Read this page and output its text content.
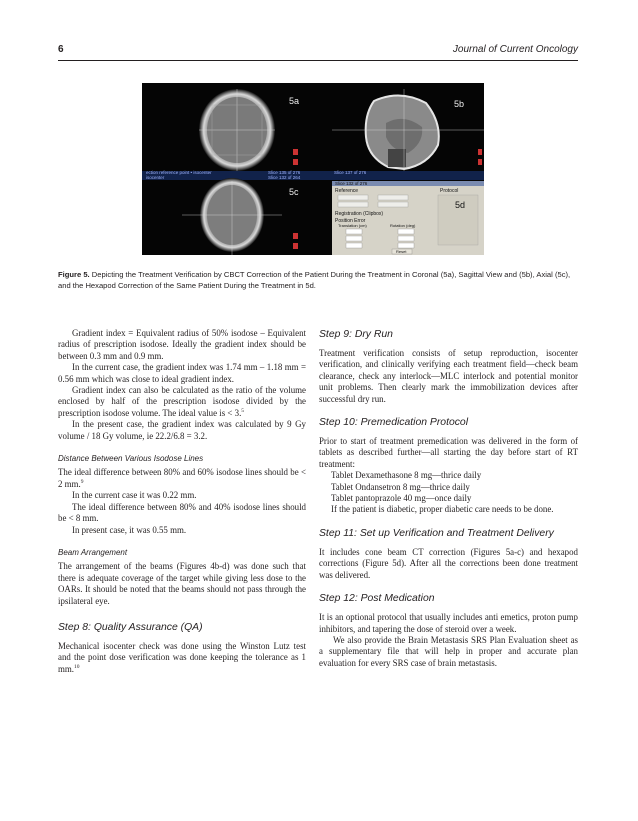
6	Journal of Current Oncology
ection reference point • isocenter	Slice 135 of 276	Slice 137 of 276
isocenter	Slice 132 of 264
5a	5b
5c
Slice 132 of 276
Reference	Protocol
Registration (Clipbox)
Position Error
Translation (cm)	Rotation (deg)
Reset
5d
Figure 5. Depicting the Treatment Verification by CBCT Correction of the Patient During the Treatment in Coronal (5a), Sagittal View and (5b), Axial (5c), and the Hexapod Correction of the Same Patient During the Treatment in 5d.

Gradient index = Equivalent radius of 50% isodose – Equivalent radius of prescription isodose. Ideally the gradient index should be between 0.3 mm and 0.9 mm.

In the current case, the gradient index was 1.74 mm – 1.18 mm = 0.56 mm which was close to ideal gradient index.

Gradient index can also be calculated as the ratio of the volume enclosed by half of the prescription isodose divided by the prescription isodose volume. The ideal value is < 3.$^5$

In the present case, the gradient index was calculated by 9 Gy volume / 18 Gy volume, ie 22.2/6.8 = 3.2.

Distance Between Various Isodose Lines

The ideal difference between 80% and 60% isodose lines should be < 2 mm.$^9$

In the current case it was 0.22 mm.

The ideal difference between 80% and 40% isodose lines should be < 8 mm.

In present case, it was 0.55 mm.

Beam Arrangement

The arrangement of the beams (Figures 4b-d) was done such that there is adequate coverage of the target while giving less dose to the OARs. It should be noted that the beams should not pass through the ipsilateral eye.

Step 8: Quality Assurance (QA)

Mechanical isocenter check was done using the Winston Lutz test and the point dose verification was done keeping the tolerance as 1 mm.$^{10}$

Step 9: Dry Run

Treatment verification consists of setup reproduction, isocenter verification, and clinically verifying each treatment field—check beam clearance, check any interlock—MLC interlock and potential monitor unit problems. Then clearly mark the immobilization devices after successful dry run.

Step 10: Premedication Protocol

Prior to start of treatment premedication was delivered in the form of tablets as described further—all starting the day before start of RT treatment:

Tablet Dexamethasone 8 mg—thrice daily

Tablet Ondansetron 8 mg—thrice daily

Tablet pantoprazole 40 mg—once daily

If the patient is diabetic, proper diabetic care needs to be done.

Step 11: Set up Verification and Treatment Delivery

It includes cone beam CT correction (Figures 5a-c) and hexapod corrections (Figure 5d). After all the corrections been done treatment was delivered.

Step 12: Post Medication

It is an optional protocol that usually includes anti emetics, proton pump inhibitors, and tapering the dose of steroid over a week.

We also provide the Brain Metastasis SRS Plan Evaluation sheet as a supplementary file that will help in proper and accurate plan evaluation for every SRS case of brain metastasis.
